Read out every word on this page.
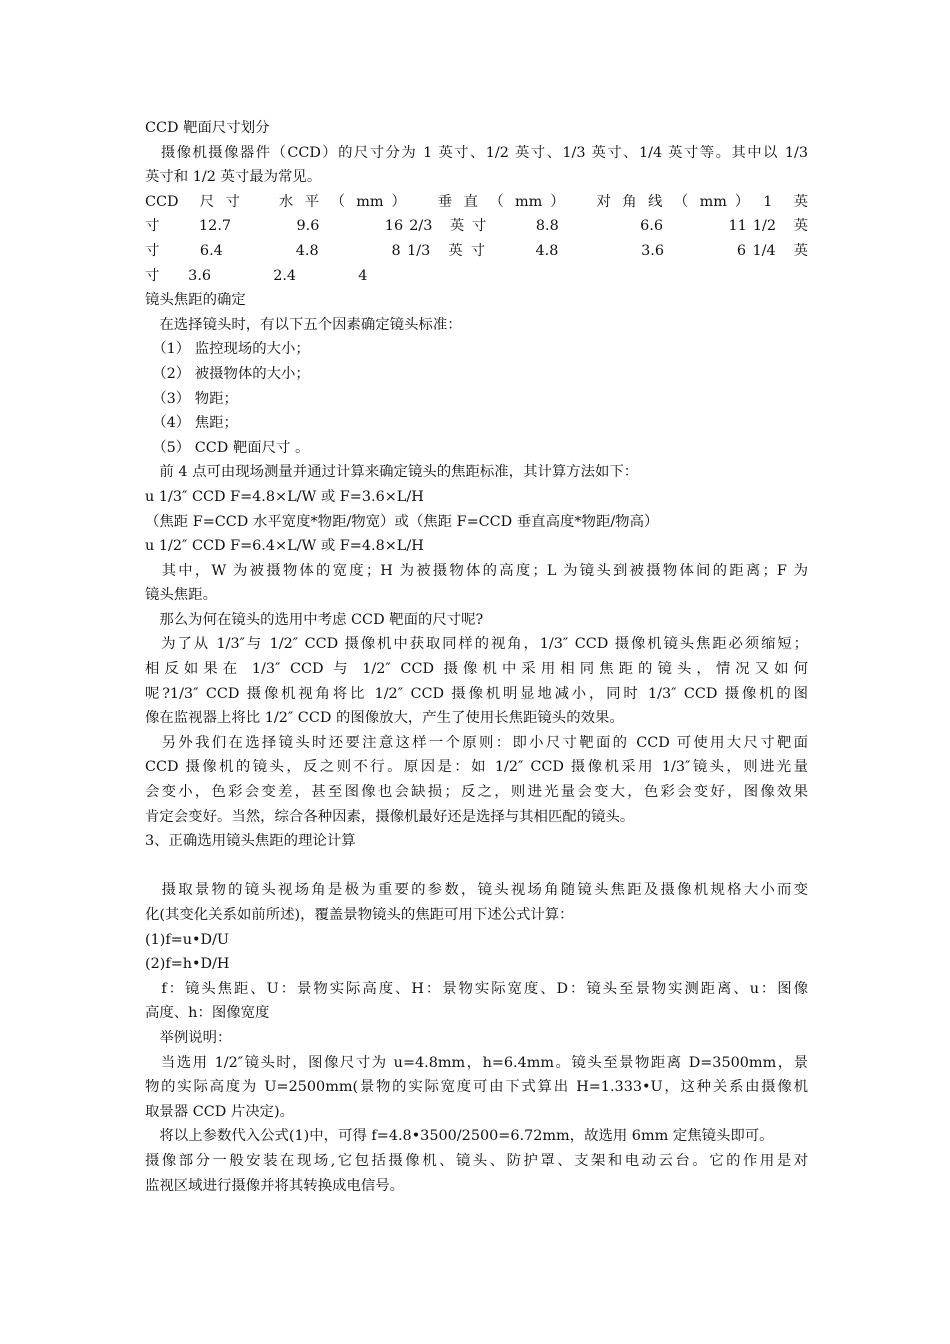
CCD 靶面尺寸划分
　摄像机摄像器件（CCD）的尺寸分为 1 英寸、1/2 英寸、1/3 英寸、1/4 英寸等。其中以 1/3
英寸和 1/2 英寸最为常见。
CCD　尺 寸　　水 平 （ mm ）　　垂 直 （ mm ）　　对 角 线 （ mm ）　1　英
寸　　 12.7　　　　9.6　　　　16 2/3　英 寸　　　8.8　　　　　6.6　　　　11 1/2　英
寸　　 6.4　　　　 4.8　　　　 8 1/3　英 寸　　　4.8　　　　　3.6　　　　 6 1/4　英
寸　　3.6　　　　 2.4　　　　 4
镜头焦距的确定
　在选择镜头时，有以下五个因素确定镜头标准：
　（1） 监控现场的大小；
　（2） 被摄物体的大小；
　（3） 物距；
　（4） 焦距；
　（5） CCD 靶面尺寸 。
　前 4 点可由现场测量并通过计算来确定镜头的焦距标准，其计算方法如下：
u 1/3″ CCD F=4.8×L/W 或 F=3.6×L/H
（焦距 F=CCD 水平宽度*物距/物宽）或（焦距 F=CCD 垂直高度*物距/物高）
u 1/2″ CCD F=6.4×L/W 或 F=4.8×L/H
　其中，W 为被摄物体的宽度；H 为被摄物体的高度；L 为镜头到被摄物体间的距离；F 为
镜头焦距。
　那么为何在镜头的选用中考虑 CCD 靶面的尺寸呢?
　为了从 1/3″与 1/2″ CCD 摄像机中获取同样的视角，1/3″ CCD 摄像机镜头焦距必须缩短；
相反如果在 1/3″ CCD 与 1/2″ CCD 摄像机中采用相同焦距的镜头，情况又如何
呢?1/3″ CCD 摄像机视角将比 1/2″ CCD 摄像机明显地减小，同时 1/3″ CCD 摄像机的图
像在监视器上将比 1/2″ CCD 的图像放大，产生了使用长焦距镜头的效果。
　另外我们在选择镜头时还要注意这样一个原则：即小尺寸靶面的 CCD 可使用大尺寸靶面
CCD 摄像机的镜头，反之则不行。原因是：如 1/2″ CCD 摄像机采用 1/3″镜头，则进光量
会变小，色彩会变差，甚至图像也会缺损；反之，则进光量会变大，色彩会变好，图像效果
肯定会变好。当然，综合各种因素，摄像机最好还是选择与其相匹配的镜头。
3、正确选用镜头焦距的理论计算
　摄取景物的镜头视场角是极为重要的参数，镜头视场角随镜头焦距及摄像机规格大小而变
化(其变化关系如前所述)，覆盖景物镜头的焦距可用下述公式计算：
(1)f=u•D/U
(2)f=h•D/H
　f：镜头焦距、U：景物实际高度、H：景物实际宽度、D：镜头至景物实测距离、u：图像
高度、h：图像宽度
　举例说明：
　当选用 1/2″镜头时，图像尺寸为 u=4.8mm，h=6.4mm。镜头至景物距离 D=3500mm，景
物的实际高度为 U=2500mm(景物的实际宽度可由下式算出 H=1.333•U，这种关系由摄像机
取景器 CCD 片决定)。
　将以上参数代入公式(1)中，可得 f=4.8•3500/2500=6.72mm，故选用 6mm 定焦镜头即可。
摄像部分一般安装在现场,它包括摄像机、镜头、防护罩、支架和电动云台。它的作用是对
监视区域进行摄像并将其转换成电信号。
